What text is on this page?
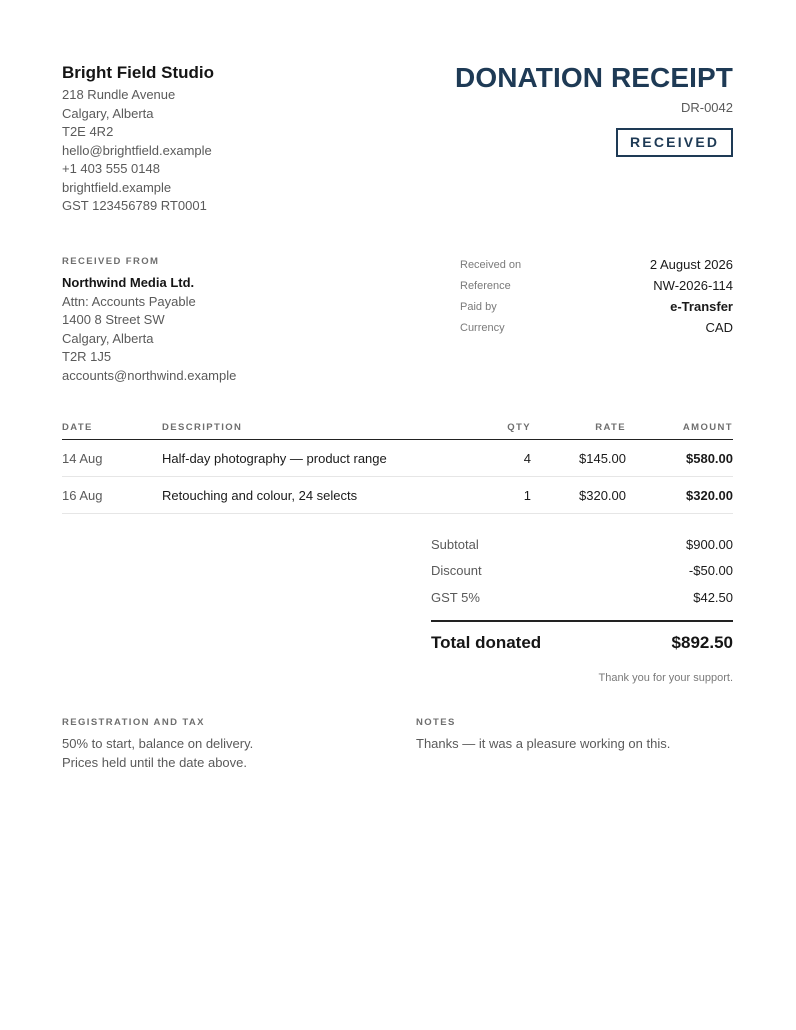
Bright Field Studio
218 Rundle Avenue
Calgary, Alberta
T2E 4R2
hello@brightfield.example
+1 403 555 0148
brightfield.example
GST 123456789 RT0001
DONATION RECEIPT
DR-0042
RECEIVED
RECEIVED FROM
Northwind Media Ltd.
Attn: Accounts Payable
1400 8 Street SW
Calgary, Alberta
T2R 1J5
accounts@northwind.example
Received on	2 August 2026
Reference	NW-2026-114
Paid by	e-Transfer
Currency	CAD
DATE	DESCRIPTION	QTY	RATE	AMOUNT
14 Aug	Half-day photography — product range	4	$145.00	$580.00
16 Aug	Retouching and colour, 24 selects	1	$320.00	$320.00
Subtotal	$900.00
Discount	-$50.00
GST 5%	$42.50
Total donated	$892.50
Thank you for your support.
REGISTRATION AND TAX
50% to start, balance on delivery.
Prices held until the date above.
NOTES
Thanks — it was a pleasure working on this.
